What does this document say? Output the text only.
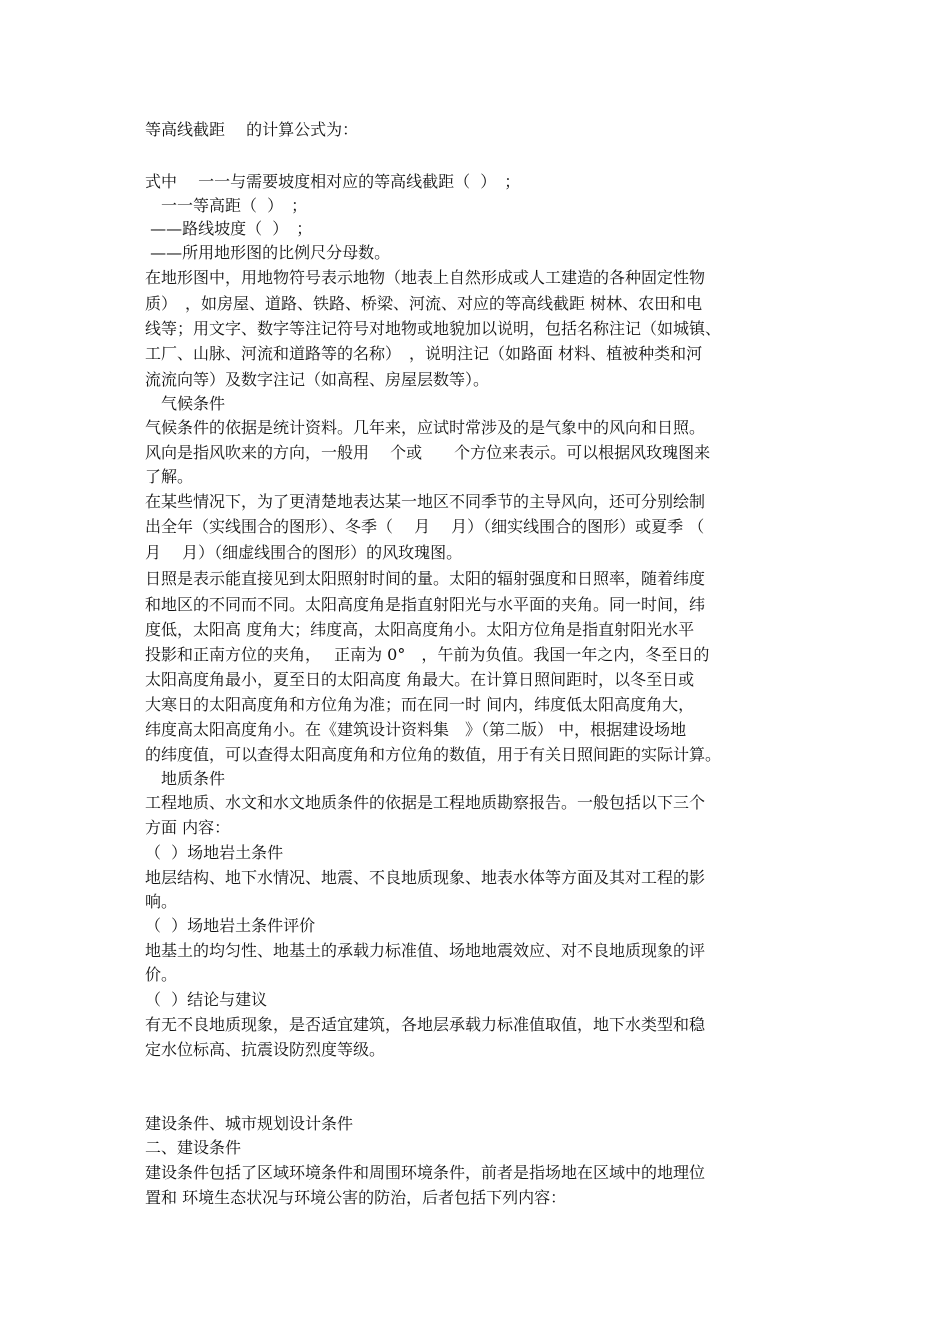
等高线截距　 的计算公式为：
式中　 一一与需要坡度相对应的等高线截距（  ）　；
　一一等高距（  ）　；
——路线坡度（  ）　；
——所用地形图的比例尺分母数。
在地形图中，用地物符号表示地物（地表上自然形成或人工建造的各种固定性物
质）　，如房屋、道路、铁路、桥梁、河流、对应的等高线截距 树林、农田和电
线等；用文字、数字等注记符号对地物或地貌加以说明，包括名称注记（如城镇、
工厂、山脉、河流和道路等的名称）　，说明注记（如路面 材料、植被种类和河
流流向等）及数字注记（如高程、房屋层数等）。
　气候条件
气候条件的依据是统计资料。几年来，应试时常涉及的是气象中的风向和日照。
风向是指风吹来的方向，一般用　 个或　　个方位来表示。可以根据风玫瑰图来
了解。
在某些情况下，为了更清楚地表达某一地区不同季节的主导风向，还可分别绘制
出全年（实线围合的图形）、冬季（　 月　 月）（细实线围合的图形）或夏季 （
月　 月）（细虚线围合的图形）的风玫瑰图。
日照是表示能直接见到太阳照射时间的量。太阳的辐射强度和日照率，随着纬度
和地区的不同而不同。太阳高度角是指直射阳光与水平面的夹角。同一时间，纬
度低，太阳高 度角大；纬度高，太阳高度角小。太阳方位角是指直射阳光水平
投影和正南方位的夹角，　 正南为 0°　，午前为负值。我国一年之内，冬至日的
太阳高度角最小，夏至日的太阳高度 角最大。在计算日照间距时，以冬至日或
大寒日的太阳高度角和方位角为准；而在同一时 间内，纬度低太阳高度角大，
纬度高太阳高度角小。在《建筑设计资料集　》（第二版） 中，根据建设场地
的纬度值，可以查得太阳高度角和方位角的数值，用于有关日照间距的实际计算。
　地质条件
工程地质、水文和水文地质条件的依据是工程地质勘察报告。一般包括以下三个
方面 内容：
（  ）场地岩土条件
地层结构、地下水情况、地震、不良地质现象、地表水体等方面及其对工程的影
响。
（  ）场地岩土条件评价
地基土的均匀性、地基土的承载力标准值、场地地震效应、对不良地质现象的评
价。
（  ）结论与建议
有无不良地质现象，是否适宜建筑，各地层承载力标准值取值，地下水类型和稳
定水位标高、抗震设防烈度等级。
建设条件、城市规划设计条件
二、建设条件
建设条件包括了区域环境条件和周围环境条件，前者是指场地在区域中的地理位
置和 环境生态状况与环境公害的防治，后者包括下列内容：
